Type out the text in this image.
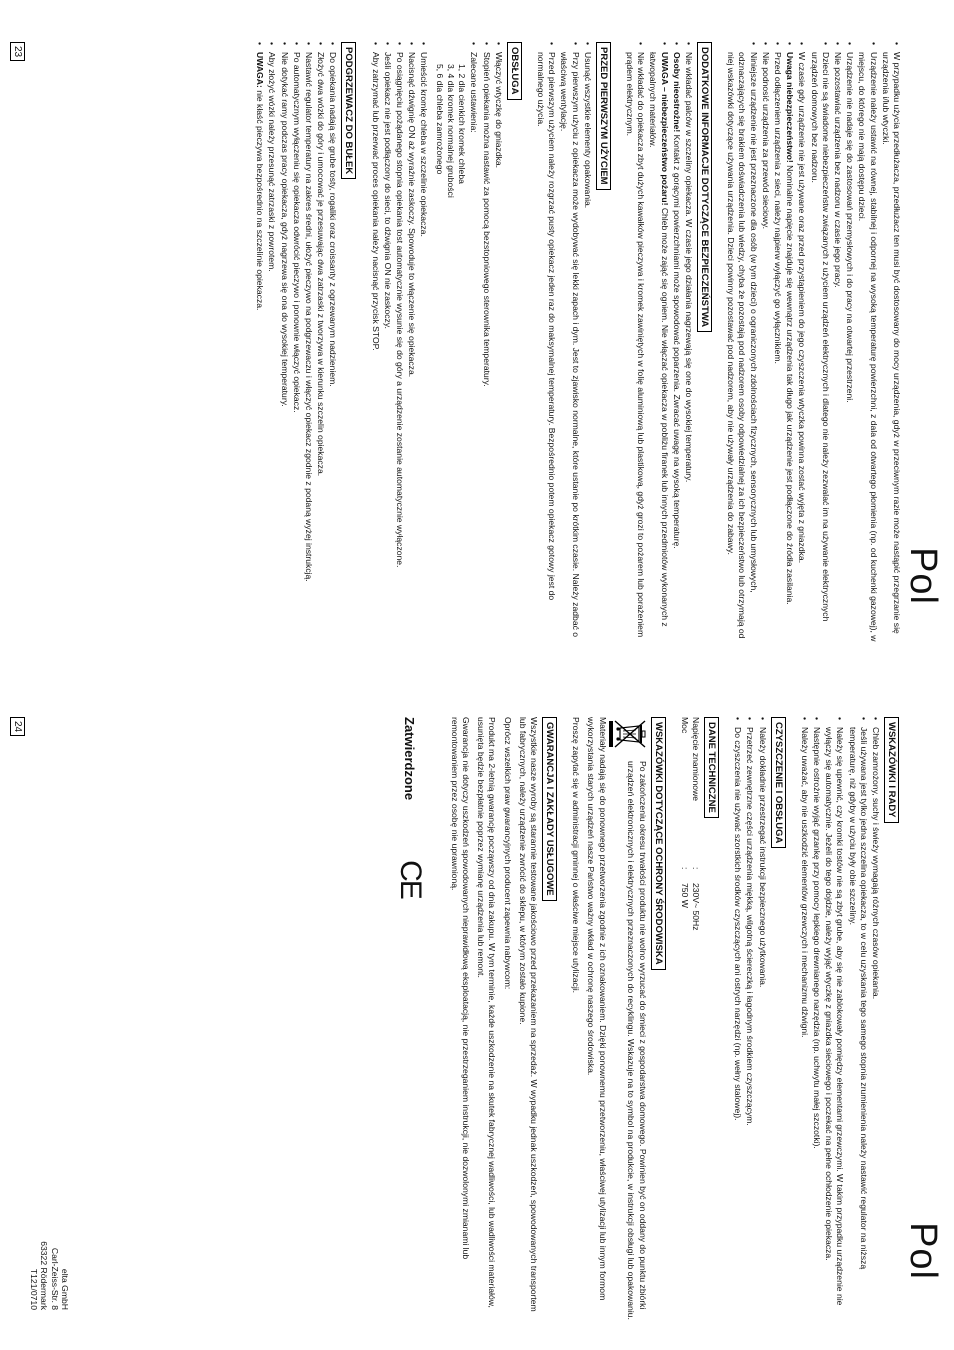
Pol
• W przypadku użycia przedłużacza, przedłużacz ten musi być dostosowany do mocy urządzenia, gdyż w przeciwnym razie może nastąpić przegrzanie się urządzenia i/lub wtyczki.
• Urządzenie należy ustawić na równej, stabilnej i odpornej na wysoką temperaturę powierzchni, z dala od otwartego płomienia (np. od kuchenki gazowej), w miejscu, do którego nie mają dostępu dzieci.
• Urządzenie nie nadaje się do zastosowań przemysłowych i do pracy na otwartej przestrzeni.
• Nie pozostawiać urządzenia bez nadzoru w czasie jego pracy.
• Dzieci nie są świadome niebezpieczeństw związanych z użyciem urządzeń elektrycznych i dlatego nie należy zezwalać im na używanie elektrycznych urządzeń domowych bez nadzoru.
• W czasie gdy urządzenie nie jest używane oraz przed przystąpieniem do jego czyszczenia wtyczka powinna zostać wyjęta z gniazdka.
• Uwaga niebezpieczeństwo! Nominalne napięcie znajduje się wewnątrz urządzenia tak długo jak urządzenie jest podłączone do źródła zasilania.
• Przed odłączeniem urządzenia z sieci, należy najpierw wyłączyć go wyłącznikiem.
• Nie podnosić urządzenia za przewód sieciowy.
• Niniejsze urządzenie nie jest przeznaczone dla osób (w tym dzieci) o ograniczonych zdolnościach fizycznych, sensorycznych lub umysłowych, odznaczających się brakiem doświadczenia lub wiedzy, chyba że pozostają pod nadzorem osoby odpowiedzialnej za ich bezpieczeństwo lub otrzymają od niej wskazówki dotyczące używania urządzenia. Dzieci powinny pozostawać pod nadzorem, aby nie używały urządzenia do zabawy.
DODATKOWE INFORMACJE DOTYCZĄCE BEZPIECZEŃSTWA
• Nie wkładać palców w szczeliny opiekacza. W czasie jego działania nagrzewają się one do wysokiej temperatury.
• Osoby nieostrożne! Kontakt z gorącymi powierzchniami może spowodować poparzenia. Zwracać uwagę na wysoką temperaturę.
• UWAGA – niebezpieczeństwo pożaru! Chleb może zająć się ogniem. Nie włączać opiekacza w pobliżu firanek lub innych przedmiotów wykonanych z łatwopalnych materiałów.
• Nie wkładać do opiekacza zbyt dużych kawałków pieczywa i kromek zawiniętych w folię aluminiową lub plastikową, gdyż grozi to pożarem lub porażeniem prądem elektrycznym.
PRZED PIERWSZYM UŻYCIEM
• Usunąć wszystkie elementy opakowania.
• Przy pierwszym użyciu z opiekacza może wydobywać się lekki zapach i dym. Jest to zjawisko normalne, które ustanie po krótkim czasie. Należy zadbać o właściwą wentylację.
• Przed pierwszym użyciem należy rozgrzać pusty opiekacz jeden raz do maksymalnej temperatury. Bezpośrednio potem opiekacz gotowy jest do normalnego użycia.
OBSŁUGA
• Włączyć wtyczkę do gniazdka.
• Stopień opiekania można nastawić za pomocą bezstopniowego sterownika temperatury.
• Zalecane ustawienia:
1, 2 dla cienkich kromek chleba
3, 4 dla kromek normalnej grubości
5, 6 dla chleba zamrożonego
• Umieścić kromkę chleba w szczelinie opiekacza.
• Nacisnąć dźwignię ON aż wyraźnie zaskoczy. Spowoduje to włączenie się opiekacza.
• Po osiągnięciu pożądanego stopnia opiekania tost automatycznie wysunie się do góry a urządzenie zostanie automatycznie wyłączone.
• Jeśli opiekacz nie jest podłączony do sieci, to dźwignia ON nie zaskoczy.
• Aby zatrzymać lub przerwać proces opiekania należy nacisnąć przycisk STOP.
PODGRZEWACZ DO BUŁEK
• Do opiekania nadają się grube tosty, rogaliki oraz croissanty z ogrzewanym nadzieniem.
• Złożyć dwa wózki do góry i umocować je przesuwając dwa zatrzaski z tworzywa w kierunku szczelin opiekacza.
• Nastawić regulator temperatury na zakres średni, ułożyć pieczywo na podgrzewaczu i włączyć opiekacz zgodnie z podaną wyżej instrukcją.
• Po automatycznym wyłączeniu się opiekacza odwrócić pieczywo i ponownie włączyć opiekacz.
• Nie dotykać ramy podczas pracy opiekacza, gdyż nagrzewa się ona do wysokiej temperatury.
• Aby złożyć wózki należy przesunąć zatrzaski z powrotem.
• UWAGA: nie kłaść pieczywa bezpośrednio na szczelinie opiekacza.
23
Pol
WSKAZÓWKI I RADY
• Chleb zamrożony, suchy i świeży wymagają różnych czasów opiekania.
• Jeśli używana jest tylko jedna szczelina opiekacza, to w celu uzyskania tego samego stopnia zrumienienia należy nastawić regulator na niższą temperaturę, niż gdyby w użyciu były obie szczeliny.
• Należy się upewnić, czy kromki tostów nie są zbyt grube, aby się nie zablokowały pomiędzy elementami grzewczymi. W takim przypadku urządzenie nie wyłączy się automatycznie. Jeżeli do tego dojdzie, należy wyjąć wtyczkę z gniazdka sieciowego i poczekać na pełne ochłodzenie opiekacza.
• Następnie ostrożnie wyjąć grzankę przy pomocy lepkiego drewnianego narzędzia (np. uchwytu małej szczotki).
• Należy uważać, aby nie uszkodzić elementów grzewczych i mechanizmu dźwigni.
CZYSZCZENIE I OBSŁUGA
• Należy dokładnie przestrzegać instrukcji bezpiecznego użytkowania.
• Przetrzeć zewnętrzne części urządzenia miękką, wilgotną ściereczką i łagodnym środkiem czyszczącym.
• Do czyszczenia nie używać szorstkich środków czyszczących ani ostrych narzędzi (np. wełny stalowej).
DANE TECHNICZNE
Napięcie znamionowe
:
230V~ 50Hz
Moc
:
750 W
WSKAZÓWKI DOTYCZĄCE OCHRONY ŚRODOWISKA

Po zakończeniu okresu trwałości produktu nie wolno wyrzucać do śmieci z gospodarstwa domowego. Powinien być on oddany do punktu zbiórki urządzeń elektronicznych i elektrycznych przeznaczonych do recyklingu. Wskazuje na to symbol na produkcie, w instrukcji obsługi lub opakowaniu.

Materiały nadają się do ponownego przetworzenia zgodnie z ich oznakowaniem. Dzięki ponownemu przetworzeniu, właściwej utylizacji lub innym formom wykorzystania starych urządzeń nasze Państwo ważny wkład w ochronę naszego środowiska.

Proszę zapytać się w administracji gminnej o właściwe miejsce utylizacji.

GWARANCJA I ZAKŁADY USŁUGOWE

Wszystkie nasze wyroby są starannie testowane jakościowo przed przekazaniem na sprzedaż. W wypadku jednak uszkodzeń, spowodowanych transportem lub fabrycznych, należy urządzenie zwrócić do sklepu, w którym zostało kupione.

Oprócz wszelkich praw gwarancyjnych producent zapewnia nabywcom:

Produkt ma 2-letnią gwarancję począwszy od dnia zakupu. W tym terminie, każde uszkodzenie na skutek fabrycznej wadliwości, lub wadliwości materiałów, usunięta będzie bezpłatnie poprzez wymianę urządzenia lub remont.

Gwarancja nie dotyczy uszkodzeń spowodowanych nieprawidłową eksploatacją, nie przestrzeganiem instrukcji, nie dozwolonymi zmianami lub remontowaniem przez osobę nie uprawnioną.

Zatwierdzone
CE
elta GmbH
Carl-Zeiss-Str. 8
63322 Rödermark
T121/0710
24
